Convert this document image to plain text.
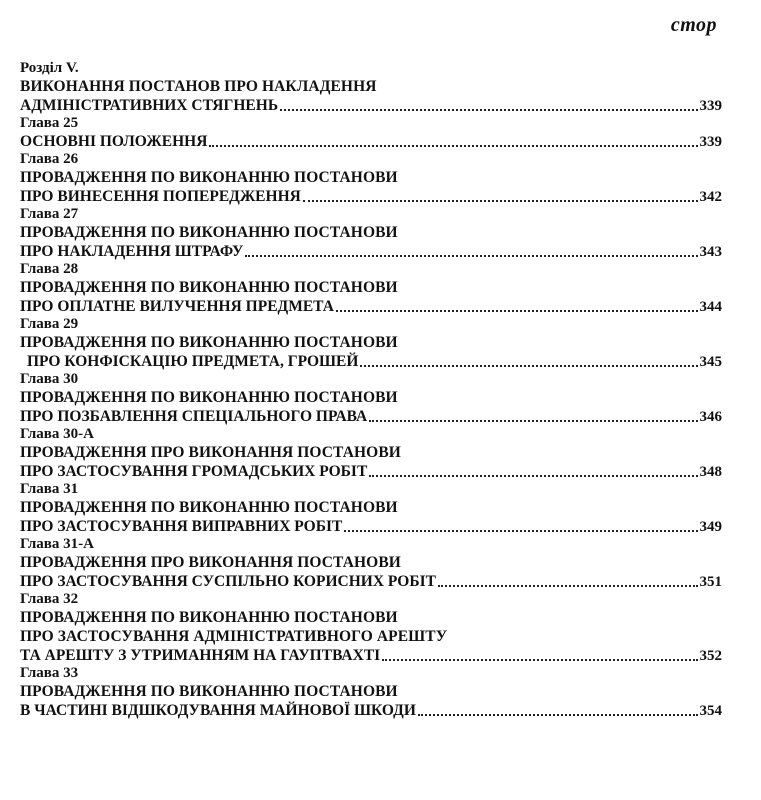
стор
Розділ V.
ВИКОНАННЯ ПОСТАНОВ ПРО НАКЛАДЕННЯ
АДМІНІСТРАТИВНИХ СТЯГНЕНЬ	339
Глава 25
ОСНОВНІ ПОЛОЖЕННЯ	339
Глава 26
ПРОВАДЖЕННЯ ПО ВИКОНАННЮ ПОСТАНОВИ
ПРО ВИНЕСЕННЯ ПОПЕРЕДЖЕННЯ	342
Глава 27
ПРОВАДЖЕННЯ ПО ВИКОНАННЮ ПОСТАНОВИ
ПРО НАКЛАДЕННЯ ШТРАФУ	343
Глава 28
ПРОВАДЖЕННЯ ПО ВИКОНАННЮ ПОСТАНОВИ
ПРО ОПЛАТНЕ ВИЛУЧЕННЯ ПРЕДМЕТА	344
Глава 29
ПРОВАДЖЕННЯ ПО ВИКОНАННЮ ПОСТАНОВИ
ПРО КОНФІСКАЦІЮ ПРЕДМЕТА, ГРОШЕЙ	345
Глава 30
ПРОВАДЖЕННЯ ПО ВИКОНАННЮ ПОСТАНОВИ
ПРО ПОЗБАВЛЕННЯ СПЕЦІАЛЬНОГО ПРАВА	346
Глава 30-А
ПРОВАДЖЕННЯ ПРО ВИКОНАННЯ ПОСТАНОВИ
ПРО ЗАСТОСУВАННЯ ГРОМАДСЬКИХ РОБІТ	348
Глава 31
ПРОВАДЖЕННЯ ПО ВИКОНАННЮ ПОСТАНОВИ
ПРО ЗАСТОСУВАННЯ ВИПРАВНИХ РОБІТ	349
Глава 31-А
ПРОВАДЖЕННЯ ПРО ВИКОНАННЯ ПОСТАНОВИ
ПРО ЗАСТОСУВАННЯ СУСПІЛЬНО КОРИСНИХ РОБІТ	351
Глава 32
ПРОВАДЖЕННЯ ПО ВИКОНАННЮ ПОСТАНОВИ
ПРО ЗАСТОСУВАННЯ АДМІНІСТРАТИВНОГО АРЕШТУ
ТА АРЕШТУ З УТРИМАННЯМ НА ГАУПТВАХТІ	352
Глава 33
ПРОВАДЖЕННЯ ПО ВИКОНАННЮ ПОСТАНОВИ
В ЧАСТИНІ ВІДШКОДУВАННЯ МАЙНОВОЇ ШКОДИ	354
